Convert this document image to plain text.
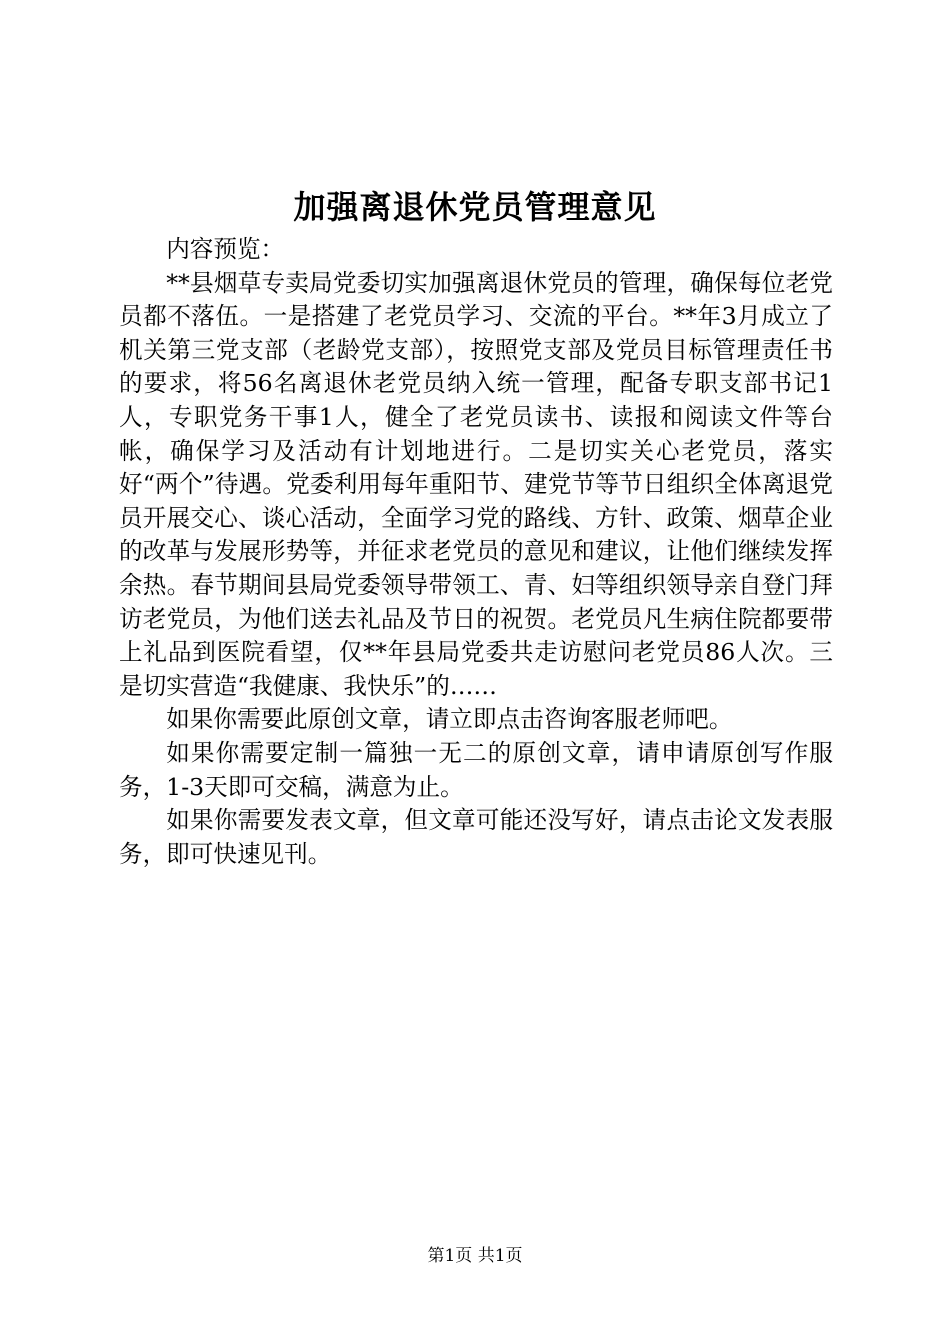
加强离退休党员管理意见

内容预览：

**县烟草专卖局党委切实加强离退休党员的管理，确保每位老党员都不落伍。一是搭建了老党员学习、交流的平台。**年3月成立了机关第三党支部（老龄党支部），按照党支部及党员目标管理责任书的要求，将56名离退休老党员纳入统一管理，配备专职支部书记1人，专职党务干事1人，健全了老党员读书、读报和阅读文件等台帐，确保学习及活动有计划地进行。二是切实关心老党员，落实好“两个”待遇。党委利用每年重阳节、建党节等节日组织全体离退党员开展交心、谈心活动，全面学习党的路线、方针、政策、烟草企业的改革与发展形势等，并征求老党员的意见和建议，让他们继续发挥余热。春节期间县局党委领导带领工、青、妇等组织领导亲自登门拜访老党员，为他们送去礼品及节日的祝贺。老党员凡生病住院都要带上礼品到医院看望，仅**年县局党委共走访慰问老党员86人次。三是切实营造“我健康、我快乐”的……

如果你需要此原创文章，请立即点击咨询客服老师吧。

如果你需要定制一篇独一无二的原创文章，请申请原创写作服务，1-3天即可交稿，满意为止。

如果你需要发表文章，但文章可能还没写好，请点击论文发表服务，即可快速见刊。

第1页 共1页
